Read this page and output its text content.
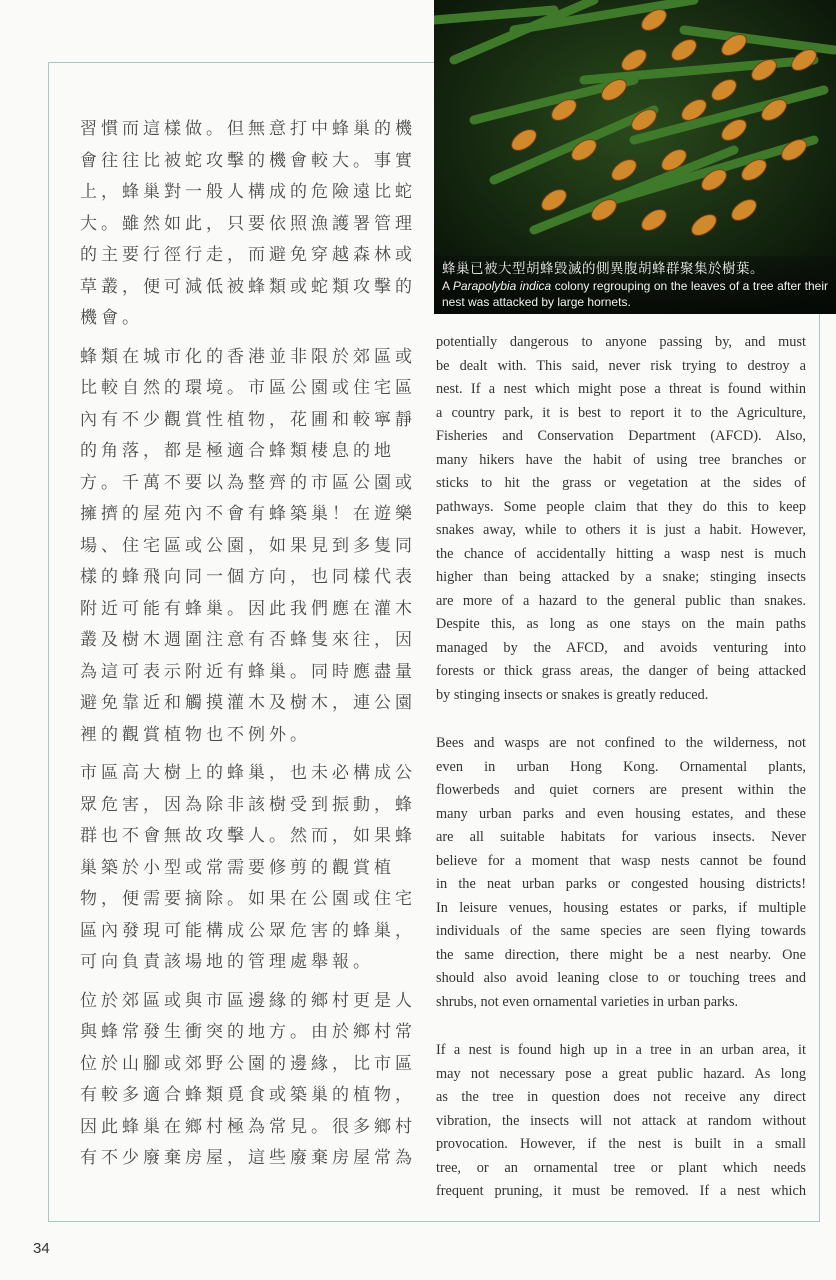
習慣而這樣做。但無意打中蜂巢的機
會往往比被蛇攻擊的機會較大。事實
上，蜂巢對一般人構成的危險遠比蛇
大。雖然如此，只要依照漁護署管理
的主要行徑行走，而避免穿越森林或
草叢，便可減低被蜂類或蛇類攻擊的
機會。

蜂類在城市化的香港並非限於郊區或
比較自然的環境。市區公園或住宅區
內有不少觀賞性植物，花圃和較寧靜
的角落，都是極適合蜂類棲息的地
方。千萬不要以為整齊的市區公園或
擁擠的屋苑內不會有蜂築巢！在遊樂
場、住宅區或公園，如果見到多隻同
樣的蜂飛向同一個方向，也同樣代表
附近可能有蜂巢。因此我們應在灌木
叢及樹木週圍注意有否蜂隻來往，因
為這可表示附近有蜂巢。同時應盡量
避免靠近和觸摸灌木及樹木，連公園
裡的觀賞植物也不例外。

市區高大樹上的蜂巢，也未必構成公
眾危害，因為除非該樹受到振動，蜂
群也不會無故攻擊人。然而，如果蜂
巢築於小型或常需要修剪的觀賞植
物，便需要摘除。如果在公園或住宅
區內發現可能構成公眾危害的蜂巢，
可向負責該場地的管理處舉報。

位於郊區或與市區邊緣的鄉村更是人
與蜂常發生衝突的地方。由於鄉村常
位於山腳或郊野公園的邊緣，比市區
有較多適合蜂類覓食或築巢的植物，
因此蜂巢在鄉村極為常見。很多鄉村
有不少廢棄房屋，這些廢棄房屋常為

蜂巢已被大型胡蜂毀滅的側異腹胡蜂群聚集於樹葉。
A Parapolybia indica colony regrouping on the leaves of a tree after their nest was attacked by large hornets.

potentially dangerous to anyone passing by, and must
be dealt with. This said, never risk trying to destroy a
nest. If a nest which might pose a threat is found within
a country park, it is best to report it to the Agriculture,
Fisheries and Conservation Department (AFCD). Also,
many hikers have the habit of using tree branches or
sticks to hit the grass or vegetation at the sides of
pathways. Some people claim that they do this to keep
snakes away, while to others it is just a habit. However,
the chance of accidentally hitting a wasp nest is much
higher than being attacked by a snake; stinging insects
are more of a hazard to the general public than snakes.
Despite this, as long as one stays on the main paths
managed by the AFCD, and avoids venturing into
forests or thick grass areas, the danger of being attacked
by stinging insects or snakes is greatly reduced.

Bees and wasps are not confined to the wilderness, not
even in urban Hong Kong. Ornamental plants,
flowerbeds and quiet corners are present within the
many urban parks and even housing estates, and these
are all suitable habitats for various insects. Never
believe for a moment that wasp nests cannot be found
in the neat urban parks or congested housing districts!
In leisure venues, housing estates or parks, if multiple
individuals of the same species are seen flying towards
the same direction, there might be a nest nearby. One
should also avoid leaning close to or touching trees and
shrubs, not even ornamental varieties in urban parks.

If a nest is found high up in a tree in an urban area, it
may not necessary pose a great public hazard. As long
as the tree in question does not receive any direct
vibration, the insects will not attack at random without
provocation. However, if the nest is built in a small
tree, or an ornamental tree or plant which needs
frequent pruning, it must be removed. If a nest which

34
